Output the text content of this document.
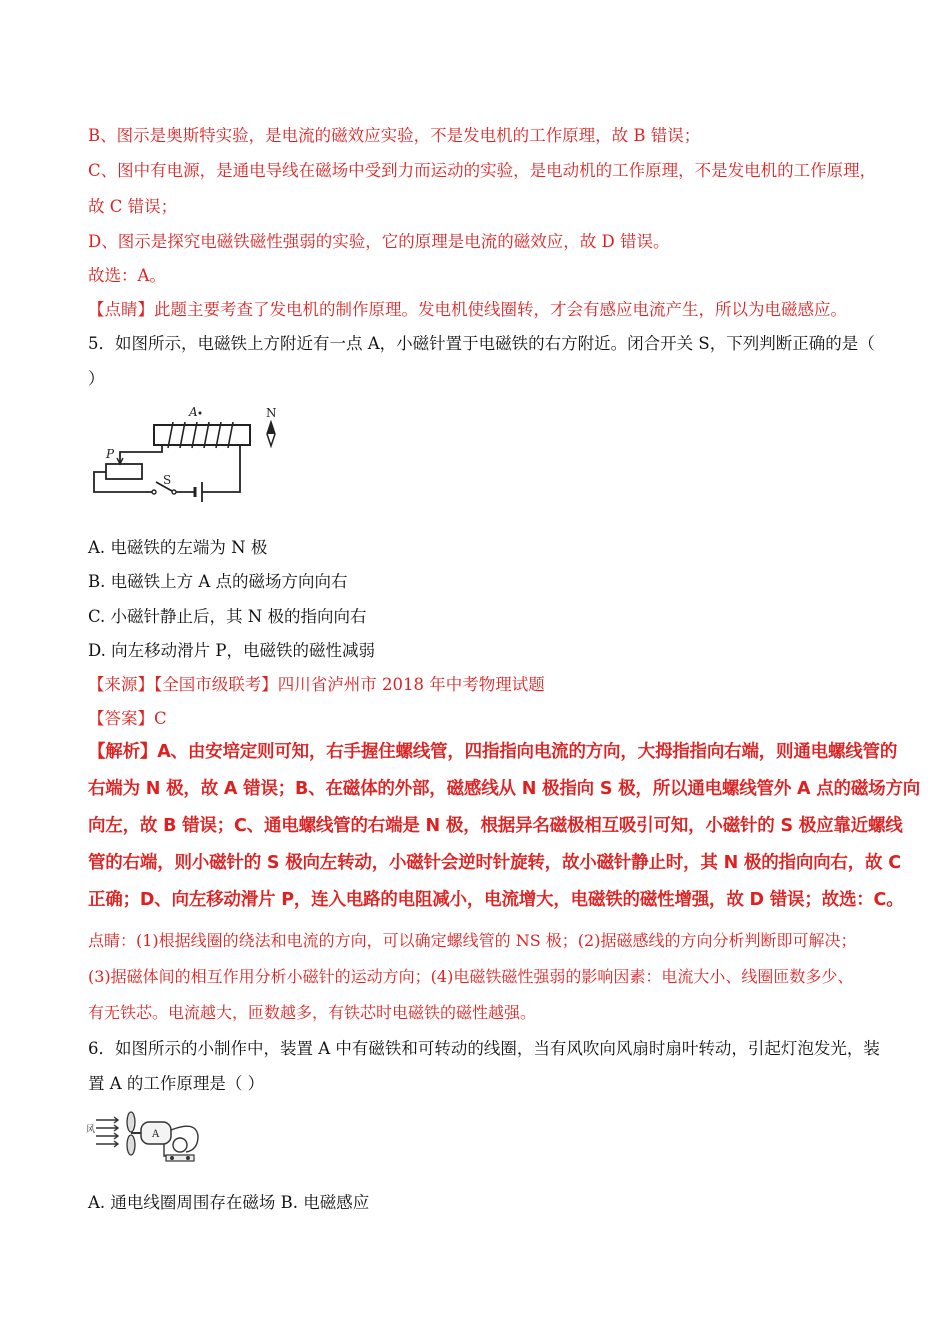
B、图示是奥斯特实验，是电流的磁效应实验，不是发电机的工作原理，故 B 错误；
C、图中有电源，是通电导线在磁场中受到力而运动的实验，是电动机的工作原理，不是发电机的工作原理，
故 C 错误；
D、图示是探究电磁铁磁性强弱的实验，它的原理是电流的磁效应，故 D 错误。
故选：A。
【点睛】此题主要考查了发电机的制作原理。发电机使线圈转，才会有感应电流产生，所以为电磁感应。
5．如图所示，电磁铁上方附近有一点 A，小磁针置于电磁铁的右方附近。闭合开关 S，下列判断正确的是（
）
A	N
S
P
A. 电磁铁的左端为 N 极
B. 电磁铁上方 A 点的磁场方向向右
C. 小磁针静止后，其 N 极的指向向右
D. 向左移动滑片 P，电磁铁的磁性减弱
【来源】【全国市级联考】四川省泸州市 2018 年中考物理试题
【答案】C
【解析】A、由安培定则可知，右手握住螺线管，四指指向电流的方向，大拇指指向右端，则通电螺线管的
右端为 N 极，故 A 错误；B、在磁体的外部，磁感线从 N 极指向 S 极，所以通电螺线管外 A 点的磁场方向
向左，故 B 错误；C、通电螺线管的右端是 N 极，根据异名磁极相互吸引可知，小磁针的 S 极应靠近螺线
管的右端，则小磁针的 S 极向左转动，小磁针会逆时针旋转，故小磁针静止时，其 N 极的指向向右，故 C
正确；D、向左移动滑片 P，连入电路的电阻减小，电流增大，电磁铁的磁性增强，故 D 错误；故选：C。
点睛：(1)根据线圈的绕法和电流的方向，可以确定螺线管的 NS 极；(2)据磁感线的方向分析判断即可解决；
(3)据磁体间的相互作用分析小磁针的运动方向；(4)电磁铁磁性强弱的影响因素：电流大小、线圈匝数多少、
有无铁芯。电流越大，匝数越多，有铁芯时电磁铁的磁性越强。
6．如图所示的小制作中，装置 A 中有磁铁和可转动的线圈，当有风吹向风扇时扇叶转动，引起灯泡发光，装
置 A 的工作原理是（ ）
风	A
A. 通电线圈周围存在磁场 B. 电磁感应
